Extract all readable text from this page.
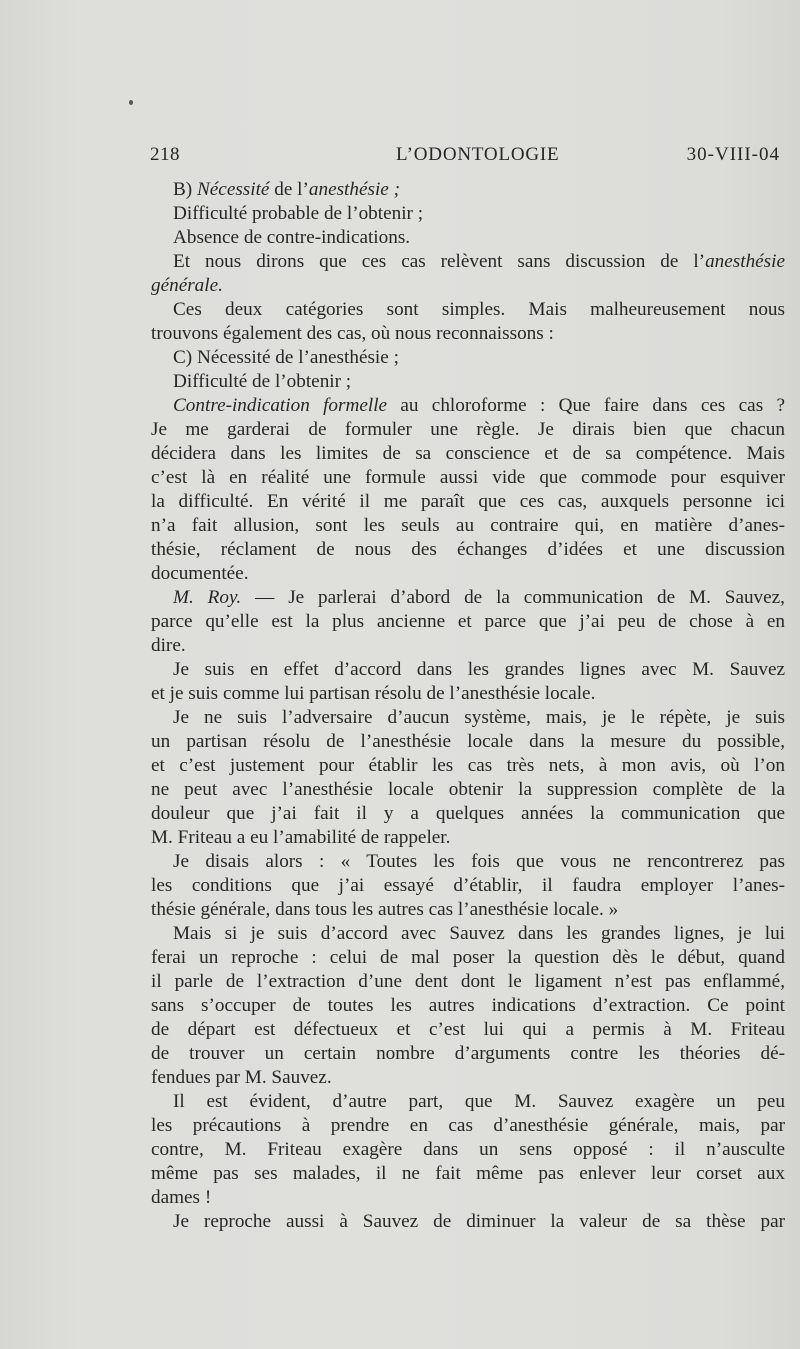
218	L’ODONTOLOGIE	30-VIII-04
B) Nécessité de l’anesthésie ;
Difficulté probable de l’obtenir ;
Absence de contre-indications.
Et nous dirons que ces cas relèvent sans discussion de l’anesthésie
générale.
Ces deux catégories sont simples. Mais malheureusement nous
trouvons également des cas, où nous reconnaissons :
C) Nécessité de l’anesthésie ;
Difficulté de l’obtenir ;
Contre-indication formelle au chloroforme : Que faire dans ces cas ?
Je me garderai de formuler une règle. Je dirais bien que chacun
décidera dans les limites de sa conscience et de sa compétence. Mais
c’est là en réalité une formule aussi vide que commode pour esquiver
la difficulté. En vérité il me paraît que ces cas, auxquels personne ici
n’a fait allusion, sont les seuls au contraire qui, en matière d’anes-
thésie, réclament de nous des échanges d’idées et une discussion
documentée.
M. Roy. — Je parlerai d’abord de la communication de M. Sauvez,
parce qu’elle est la plus ancienne et parce que j’ai peu de chose à en
dire.
Je suis en effet d’accord dans les grandes lignes avec M. Sauvez
et je suis comme lui partisan résolu de l’anesthésie locale.
Je ne suis l’adversaire d’aucun système, mais, je le répète, je suis
un partisan résolu de l’anesthésie locale dans la mesure du possible,
et c’est justement pour établir les cas très nets, à mon avis, où l’on
ne peut avec l’anesthésie locale obtenir la suppression complète de la
douleur que j’ai fait il y a quelques années la communication que
M. Friteau a eu l’amabilité de rappeler.
Je disais alors : « Toutes les fois que vous ne rencontrerez pas
les conditions que j’ai essayé d’établir, il faudra employer l’anes-
thésie générale, dans tous les autres cas l’anesthésie locale. »
Mais si je suis d’accord avec Sauvez dans les grandes lignes, je lui
ferai un reproche : celui de mal poser la question dès le début, quand
il parle de l’extraction d’une dent dont le ligament n’est pas enflammé,
sans s’occuper de toutes les autres indications d’extraction. Ce point
de départ est défectueux et c’est lui qui a permis à M. Friteau
de trouver un certain nombre d’arguments contre les théories dé-
fendues par M. Sauvez.
Il est évident, d’autre part, que M. Sauvez exagère un peu
les précautions à prendre en cas d’anesthésie générale, mais, par
contre, M. Friteau exagère dans un sens opposé : il n’ausculte
même pas ses malades, il ne fait même pas enlever leur corset aux
dames !
Je reproche aussi à Sauvez de diminuer la valeur de sa thèse par
